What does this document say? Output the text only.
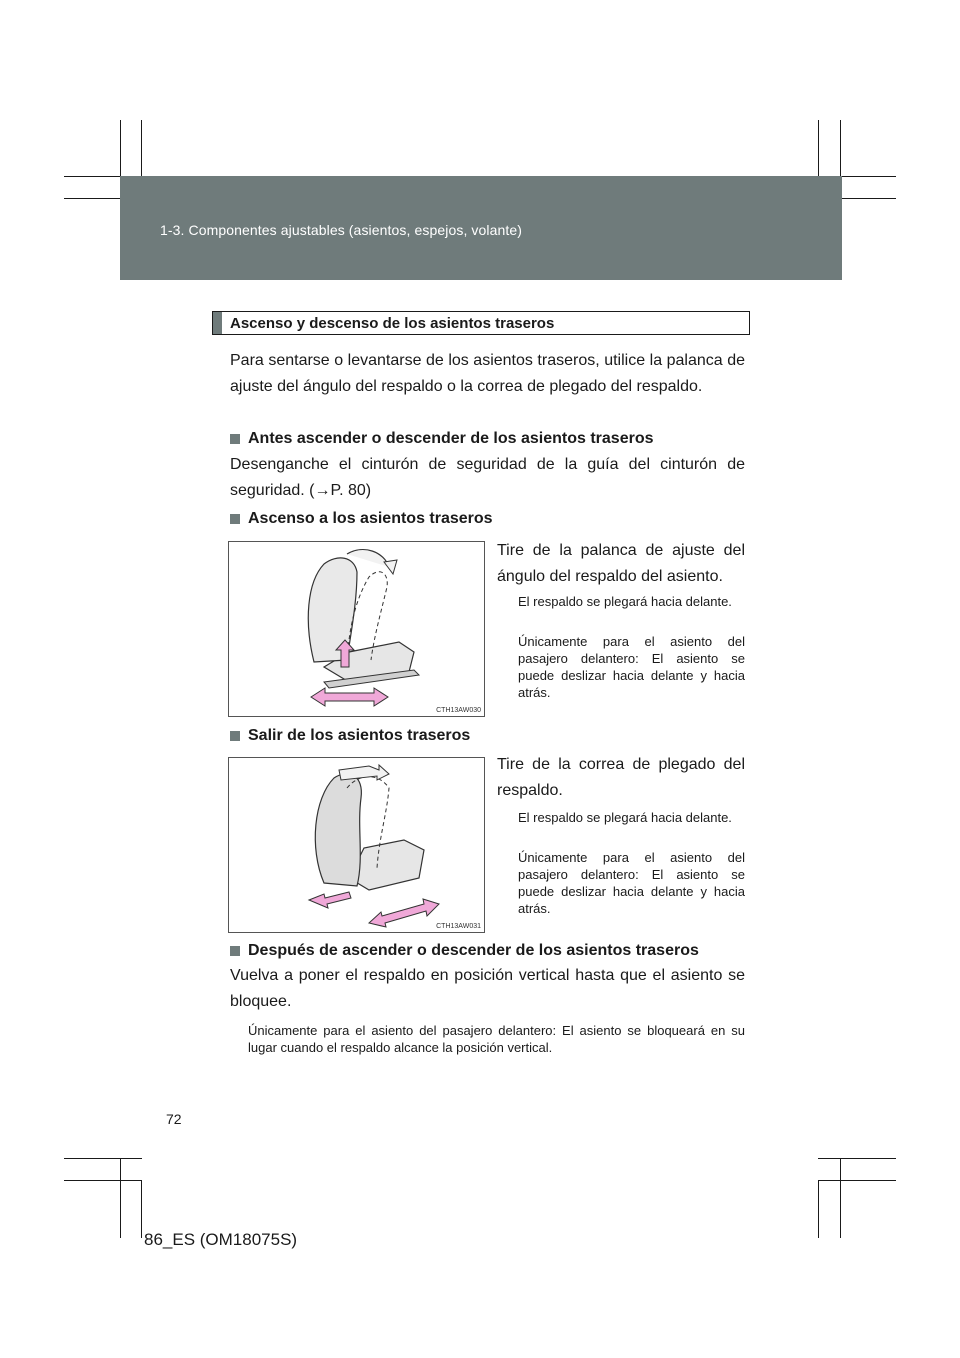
1-3. Componentes ajustables (asientos, espejos, volante)
Ascenso y descenso de los asientos traseros
Para sentarse o levantarse de los asientos traseros, utilice la palanca de ajuste del ángulo del respaldo o la correa de plegado del respaldo.
Antes ascender o descender de los asientos traseros
Desenganche el cinturón de seguridad de la guía del cinturón de seguridad. (→P. 80)
Ascenso a los asientos traseros
CTH13AW030
Tire de la palanca de ajuste del ángulo del respaldo del asiento.
El respaldo se plegará hacia delante.
Únicamente para el asiento del pasajero delantero: El asiento se puede deslizar hacia delante y hacia atrás.
Salir de los asientos traseros
CTH13AW031
Tire de la correa de plegado del respaldo.
El respaldo se plegará hacia delante.
Únicamente para el asiento del pasajero delantero: El asiento se puede deslizar hacia delante y hacia atrás.
Después de ascender o descender de los asientos traseros
Vuelva a poner el respaldo en posición vertical hasta que el asiento se bloquee.
Únicamente para el asiento del pasajero delantero: El asiento se bloqueará en su lugar cuando el respaldo alcance la posición vertical.
72
86_ES (OM18075S)
